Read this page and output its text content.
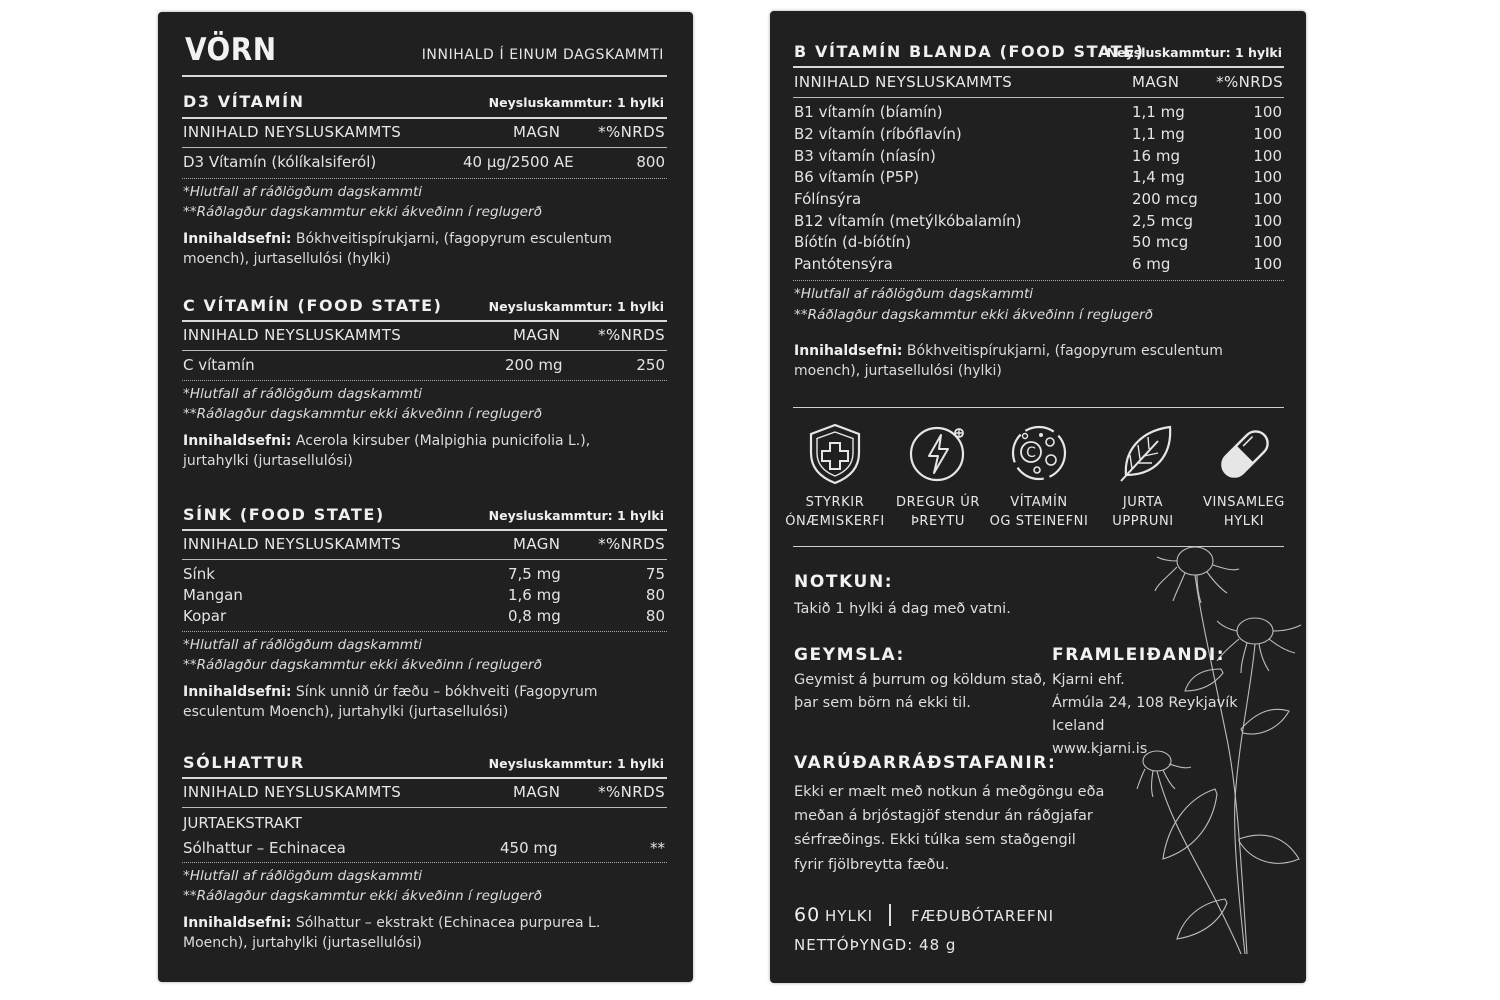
VÖRN	INNIHALD Í EINUM DAGSKAMMTI
D3 VÍTAMÍN	Neysluskammtur: 1 hylki
INNIHALD NEYSLUSKAMMTS	MAGN	*%NRDS
D3 Vítamín (kólíkalsiferól)	40 µg/2500 AE	800
*Hlutfall af ráðlögðum dagskammti
**Ráðlagður dagskammtur ekki ákveðinn í reglugerð
Innihaldsefni: Bókhveitispírukjarni, (fagopyrum esculentum moench), jurtasellulósi (hylki)
C VÍTAMÍN (FOOD STATE)	Neysluskammtur: 1 hylki
INNIHALD NEYSLUSKAMMTS	MAGN	*%NRDS
C vítamín	200 mg	250
*Hlutfall af ráðlögðum dagskammti
**Ráðlagður dagskammtur ekki ákveðinn í reglugerð
Innihaldsefni: Acerola kirsuber (Malpighia punicifolia L.), jurtahylki (jurtasellulósi)
SÍNK (FOOD STATE)	Neysluskammtur: 1 hylki
INNIHALD NEYSLUSKAMMTS	MAGN	*%NRDS
Sínk	7,5 mg	75
Mangan	1,6 mg	80
Kopar	0,8 mg	80
*Hlutfall af ráðlögðum dagskammti
**Ráðlagður dagskammtur ekki ákveðinn í reglugerð
Innihaldsefni: Sínk unnið úr fæðu – bókhveiti (Fagopyrum esculentum Moench), jurtahylki (jurtasellulósi)
SÓLHATTUR	Neysluskammtur: 1 hylki
INNIHALD NEYSLUSKAMMTS	MAGN	*%NRDS
JURTAEKSTRAKT
Sólhattur – Echinacea	450 mg	**
*Hlutfall af ráðlögðum dagskammti
**Ráðlagður dagskammtur ekki ákveðinn í reglugerð
Innihaldsefni: Sólhattur – ekstrakt (Echinacea purpurea L. Moench), jurtahylki (jurtasellulósi)
B VÍTAMÍN BLANDA (FOOD STATE)
Neysluskammtur: 1 hylki
INNIHALD NEYSLUSKAMMTS	MAGN *%NRDS
B1 vítamín (bíamín)	1,1 mg	100
B2 vítamín (ríbóflavín)	1,1 mg	100
B3 vítamín (níasín)	16 mg	100
B6 vítamín (P5P)	1,4 mg	100
Fólínsýra	200 mcg	100
B12 vítamín (metýlkóbalamín)	2,5 mcg	100
Bíótín (d-bíótín)	50 mcg	100
Pantótensýra	6 mg	100
*Hlutfall af ráðlögðum dagskammti
**Ráðlagður dagskammtur ekki ákveðinn í reglugerð
Innihaldsefni: Bókhveitispírukjarni, (fagopyrum esculentum moench), jurtasellulósi (hylki)
C
STYRKIR
ÓNÆMISKERFI
DREGUR ÚR
ÞREYTU
VÍTAMÍN
OG STEINEFNI
JURTA
UPPRUNI
VINSAMLEG
HYLKI
NOTKUN:
Takið 1 hylki á dag með vatni.
GEYMSLA:
Geymist á þurrum og köldum stað,
þar sem börn ná ekki til.
FRAMLEIÐANDI:
Kjarni ehf.
Ármúla 24, 108 Reykjavík
Iceland
www.kjarni.is
VARÚÐARRÁÐSTAFANIR:
Ekki er mælt með notkun á meðgöngu eða
meðan á brjóstagjöf stendur án ráðgjafar
sérfræðings. Ekki túlka sem staðgengil
fyrir fjölbreytta fæðu.
60 HYLKI	FÆÐUBÓTAREFNI
NETTÓÞYNGD: 48 g
